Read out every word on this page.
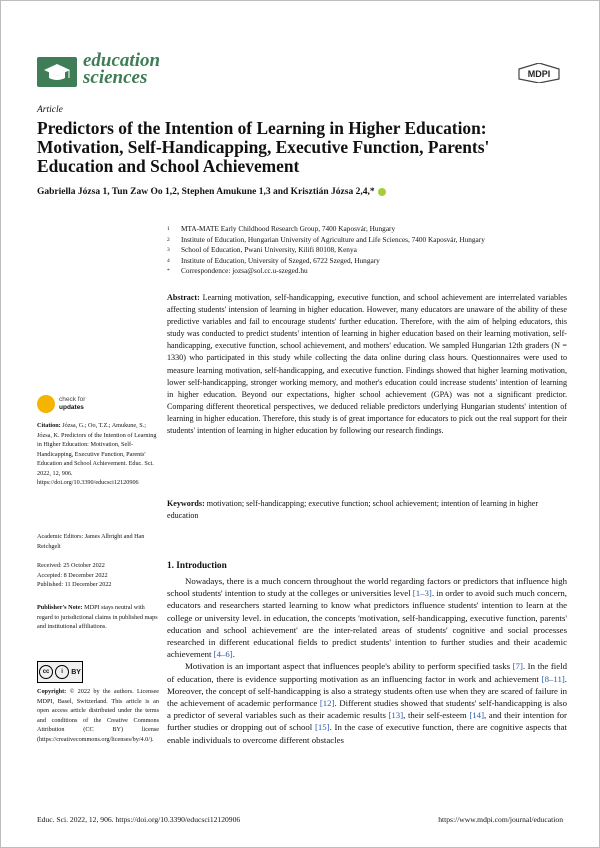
education
sciences	MDPI
Article
Predictors of the Intention of Learning in Higher Education: Motivation, Self-Handicapping, Executive Function, Parents' Education and School Achievement
Gabriella Józsa 1, Tun Zaw Oo 1,2, Stephen Amukune 1,3 and Krisztián Józsa 2,4,*
1	MTA-MATE Early Childhood Research Group, 7400 Kaposvár, Hungary
2	Institute of Education, Hungarian University of Agriculture and Life Sciences, 7400 Kaposvár, Hungary
3	School of Education, Pwani University, Kilifi 80108, Kenya
4	Institute of Education, University of Szeged, 6722 Szeged, Hungary
*	Correspondence: jozsa@sol.cc.u-szeged.hu
Abstract: Learning motivation, self-handicapping, executive function, and school achievement are interrelated variables affecting students' intension of learning in higher education. However, many educators are unaware of the ability of these predictive variables and fail to encourage students' further education. Therefore, with the aim of helping educators, this study was conducted to predict students' intention of learning in higher education based on their learning motivation, self-handicapping, executive function, school achievement, and mothers' education. We sampled Hungarian 12th graders (N = 1330) who participated in this study while collecting the data online during class hours. Questionnaires were used to measure learning motivation, self-handicapping, and executive function. Findings showed that higher learning motivation, lower self-handicapping, stronger working memory, and mother's education could increase students' intention of learning in higher education. Beyond our expectations, higher school achievement (GPA) was not a significant predictor. Comparing different theoretical perspectives, we deduced reliable predictors underlying Hungarian students' intention of learning in higher education. Therefore, this study is of great importance for educators to pick out the real support for their students' intention of learning in higher education by following our research findings.
Keywords: motivation; self-handicapping; executive function; school achievement; intention of learning in higher education
check for
updates
Citation: Józsa, G.; Oo, T.Z.; Amukune, S.; Józsa, K. Predictors of the Intention of Learning in Higher Education: Motivation, Self-Handicapping, Executive Function, Parents' Education and School Achievement. Educ. Sci. 2022, 12, 906. https://doi.org/10.3390/educsci12120906
Academic Editors: James Albright and Han Reichgelt
Received: 25 October 2022
Accepted: 8 December 2022
Published: 11 December 2022
Publisher's Note: MDPI stays neutral with regard to jurisdictional claims in published maps and institutional affiliations.
cc	i	BY
Copyright: © 2022 by the authors. Licensee MDPI, Basel, Switzerland. This article is an open access article distributed under the terms and conditions of the Creative Commons Attribution (CC BY) license (https://creativecommons.org/licenses/by/4.0/).
1. Introduction

Nowadays, there is a much concern throughout the world regarding factors or predictors that influence high school students' intention to study at the colleges or universities level [1–3]. in order to avoid such much concern, educators and researchers started learning to know what predictors influence students' intention to learn at the college or university level. in education, the concepts 'motivation, self-handicapping, executive function, parents' education and school achievement' are the inter-related areas of students' cognitive and social processes researched in different educational fields to predict students' intention to further studies and their academic achievement [4–6].

Motivation is an important aspect that influences people's ability to perform specified tasks [7]. In the field of education, there is evidence supporting motivation as an influencing factor in work and achievement [8–11]. Moreover, the concept of self-handicapping is also a strategy students often use when they are scared of failure in the achievement of academic performance [12]. Different studies showed that students' self-handicapping is also a predictor of several variables such as their academic results [13], their self-esteem [14], and their intention for further studies or dropping out of school [15]. In the case of executive function, there are cognitive aspects that enable individuals to overcome different obstacles

Educ. Sci. 2022, 12, 906. https://doi.org/10.3390/educsci12120906	https://www.mdpi.com/journal/education
